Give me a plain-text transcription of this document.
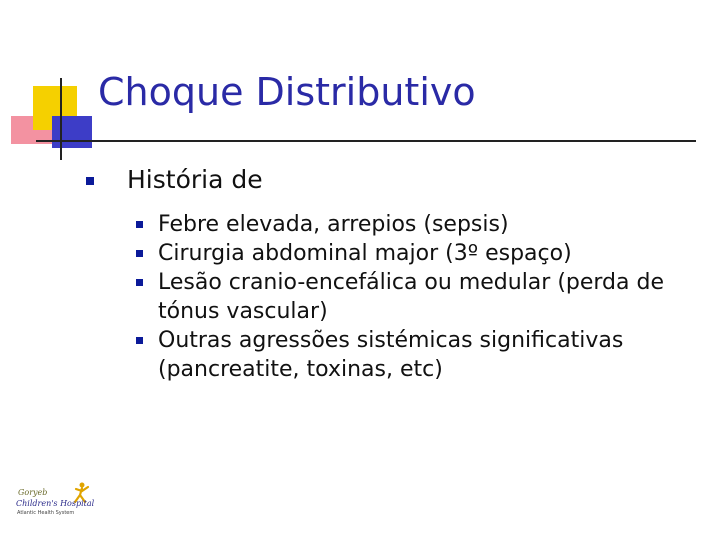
Choque Distributivo
História de
Febre elevada, arrepios (sepsis)
Cirurgia abdominal major (3º espaço)
Lesão cranio-encefálica ou medular (perda de tónus vascular)
Outras agressões sistémicas significativas (pancreatite, toxinas, etc)
Goryeb
Children's Hospital
Atlantic Health System
